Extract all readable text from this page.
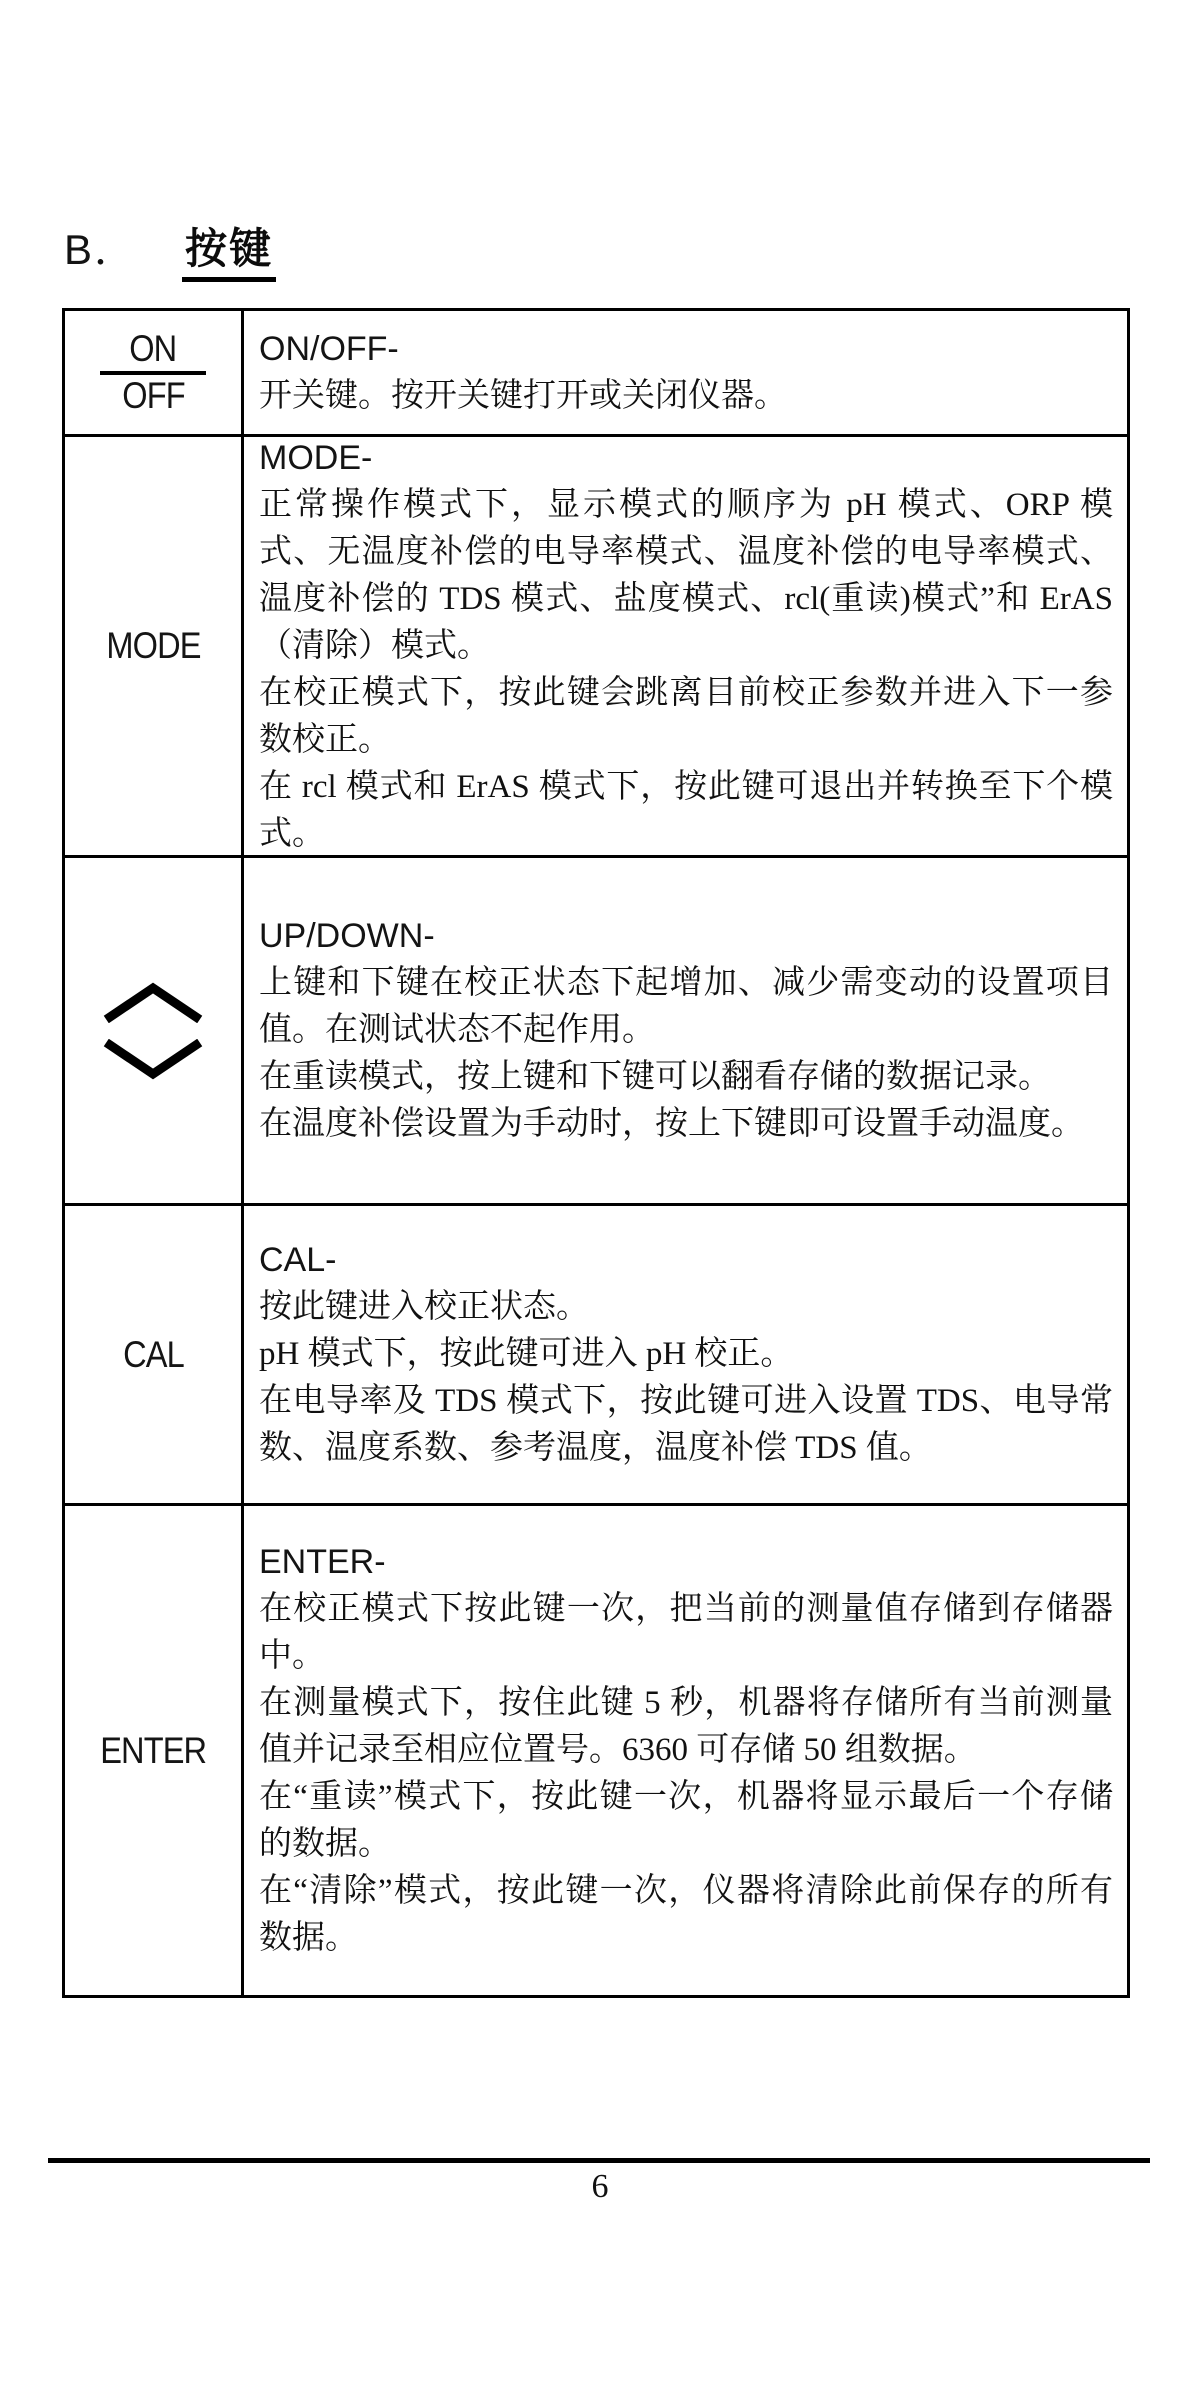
B． 按键
ON
OFF
ON/OFF-

开关键。按开关键打开或关闭仪器。

MODE
MODE-

正常操作模式下，显示模式的顺序为 pH 模式、ORP 模式、无温度补偿的电导率模式、温度补偿的电导率模式、温度补偿的 TDS 模式、盐度模式、rcl(重读)模式”和 ErAS（清除）模式。

在校正模式下，按此键会跳离目前校正参数并进入下一参数校正。

在 rcl 模式和 ErAS 模式下，按此键可退出并转换至下个模式。

UP/DOWN-

上键和下键在校正状态下起增加、减少需变动的设置项目值。在测试状态不起作用。

在重读模式，按上键和下键可以翻看存储的数据记录。

在温度补偿设置为手动时，按上下键即可设置手动温度。

CAL
CAL-

按此键进入校正状态。

pH 模式下，按此键可进入 pH 校正。

在电导率及 TDS 模式下，按此键可进入设置 TDS、电导常数、温度系数、参考温度，温度补偿 TDS 值。

ENTER
ENTER-

在校正模式下按此键一次，把当前的测量值存储到存储器中。

在测量模式下，按住此键 5 秒，机器将存储所有当前测量值并记录至相应位置号。6360 可存储 50 组数据。

在“重读”模式下，按此键一次，机器将显示最后一个存储的数据。

在“清除”模式，按此键一次，仪器将清除此前保存的所有数据。

6
